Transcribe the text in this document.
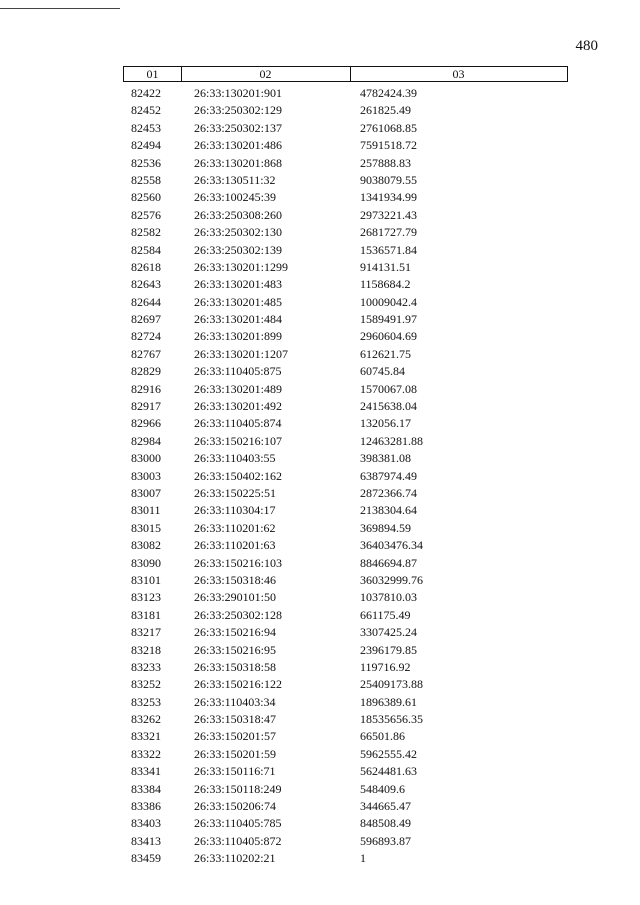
480
01	02	03
82422	26:33:130201:901	4782424.39
82452	26:33:250302:129	261825.49
82453	26:33:250302:137	2761068.85
82494	26:33:130201:486	7591518.72
82536	26:33:130201:868	257888.83
82558	26:33:130511:32	9038079.55
82560	26:33:100245:39	1341934.99
82576	26:33:250308:260	2973221.43
82582	26:33:250302:130	2681727.79
82584	26:33:250302:139	1536571.84
82618	26:33:130201:1299	914131.51
82643	26:33:130201:483	1158684.2
82644	26:33:130201:485	10009042.4
82697	26:33:130201:484	1589491.97
82724	26:33:130201:899	2960604.69
82767	26:33:130201:1207	612621.75
82829	26:33:110405:875	60745.84
82916	26:33:130201:489	1570067.08
82917	26:33:130201:492	2415638.04
82966	26:33:110405:874	132056.17
82984	26:33:150216:107	12463281.88
83000	26:33:110403:55	398381.08
83003	26:33:150402:162	6387974.49
83007	26:33:150225:51	2872366.74
83011	26:33:110304:17	2138304.64
83015	26:33:110201:62	369894.59
83082	26:33:110201:63	36403476.34
83090	26:33:150216:103	8846694.87
83101	26:33:150318:46	36032999.76
83123	26:33:290101:50	1037810.03
83181	26:33:250302:128	661175.49
83217	26:33:150216:94	3307425.24
83218	26:33:150216:95	2396179.85
83233	26:33:150318:58	119716.92
83252	26:33:150216:122	25409173.88
83253	26:33:110403:34	1896389.61
83262	26:33:150318:47	18535656.35
83321	26:33:150201:57	66501.86
83322	26:33:150201:59	5962555.42
83341	26:33:150116:71	5624481.63
83384	26:33:150118:249	548409.6
83386	26:33:150206:74	344665.47
83403	26:33:110405:785	848508.49
83413	26:33:110405:872	596893.87
83459	26:33:110202:21	1
